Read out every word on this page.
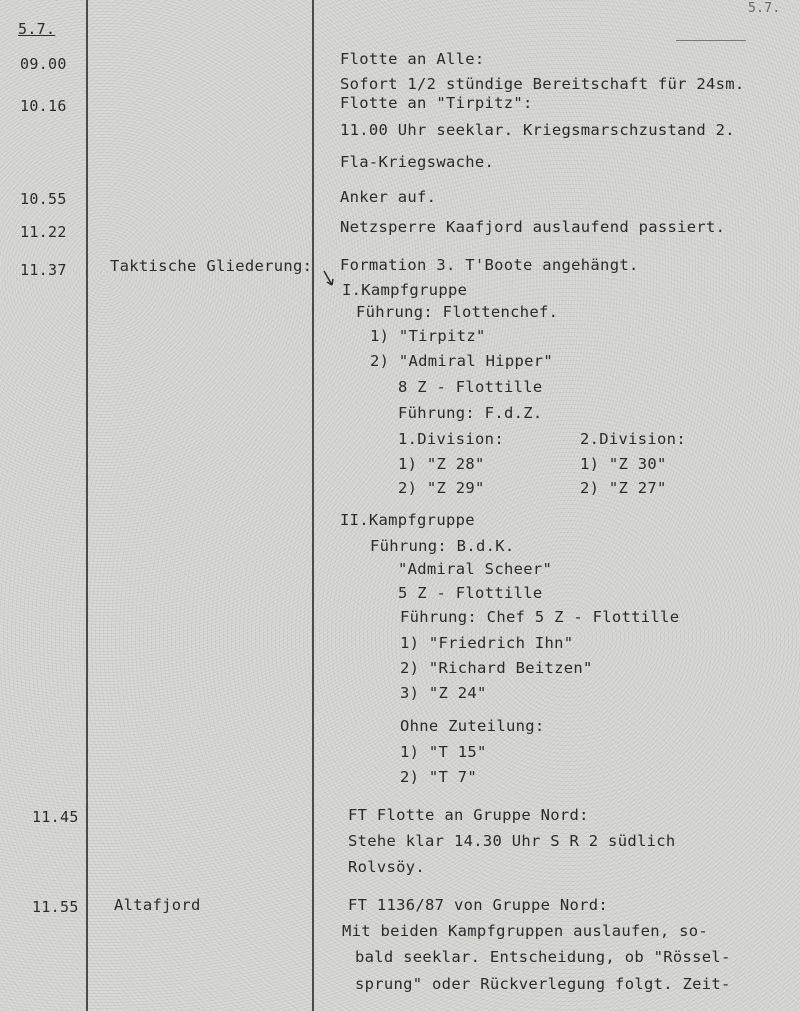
5.7.
5.7.
09.00	Flotte an Alle:
Sofort 1/2 stündige Bereitschaft für 24sm.
10.16	Flotte an "Tirpitz":
11.00 Uhr seeklar. Kriegsmarschzustand 2.
Fla-Kriegswache.
10.55	Anker auf.
11.22	Netzsperre Kaafjord auslaufend passiert.
11.37	Taktische Gliederung: Formation 3. T'Boote angehängt.
I.Kampfgruppe
Führung: Flottenchef.
1) "Tirpitz"
2) "Admiral Hipper"
8 Z - Flottille
Führung: F.d.Z.
1.Division:	2.Division:
1) "Z 28"	1) "Z 30"
2) "Z 29"	2) "Z 27"
II.Kampfgruppe
Führung: B.d.K.
"Admiral Scheer"
5 Z - Flottille
Führung: Chef 5 Z - Flottille
1) "Friedrich Ihn"
2) "Richard Beitzen"
3) "Z 24"
Ohne Zuteilung:
1) "T 15"
2) "T 7"
11.45	FT Flotte an Gruppe Nord:
Stehe klar 14.30 Uhr S R 2 südlich
Rolvsöy.
11.55 Altafjord	FT 1136/87 von Gruppe Nord:
Mit beiden Kampfgruppen auslaufen, so-
bald seeklar. Entscheidung, ob "Rössel-
sprung" oder Rückverlegung folgt. Zeit-
